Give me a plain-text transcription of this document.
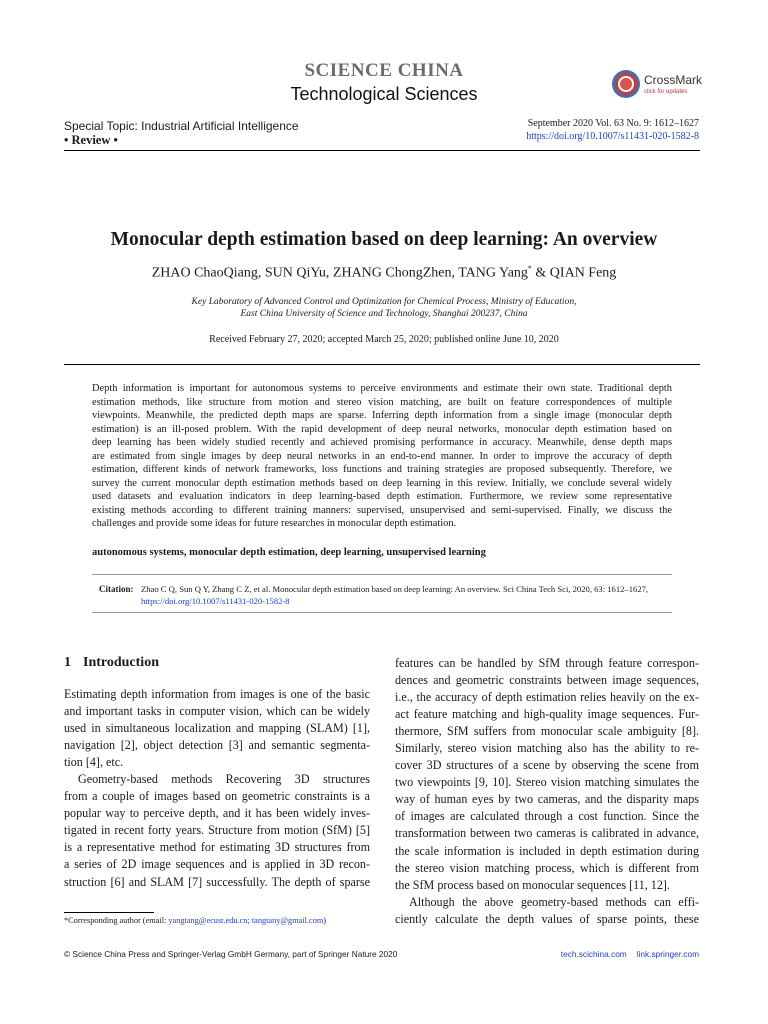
SCIENCE CHINA
Technological Sciences
CrossMark
click for updates
Special Topic: Industrial Artificial Intelligence
• Review •
September 2020 Vol. 63 No. 9: 1612–1627
https://doi.org/10.1007/s11431-020-1582-8
Monocular depth estimation based on deep learning: An overview
ZHAO ChaoQiang, SUN QiYu, ZHANG ChongZhen, TANG Yang* & QIAN Feng
Key Laboratory of Advanced Control and Optimization for Chemical Process, Ministry of Education,
East China University of Science and Technology, Shanghai 200237, China
Received February 27, 2020; accepted March 25, 2020; published online June 10, 2020
Depth information is important for autonomous systems to perceive environments and estimate their own state. Traditional depth
estimation methods, like structure from motion and stereo vision matching, are built on feature correspondences of multiple
viewpoints. Meanwhile, the predicted depth maps are sparse. Inferring depth information from a single image (monocular depth
estimation) is an ill-posed problem. With the rapid development of deep neural networks, monocular depth estimation based on
deep learning has been widely studied recently and achieved promising performance in accuracy. Meanwhile, dense depth maps
are estimated from single images by deep neural networks in an end-to-end manner. In order to improve the accuracy of depth
estimation, different kinds of network frameworks, loss functions and training strategies are proposed subsequently. Therefore, we
survey the current monocular depth estimation methods based on deep learning in this review. Initially, we conclude several widely
used datasets and evaluation indicators in deep learning-based depth estimation. Furthermore, we review some representative
existing methods according to different training manners: supervised, unsupervised and semi-supervised. Finally, we discuss the
challenges and provide some ideas for future researches in monocular depth estimation.
autonomous systems, monocular depth estimation, deep learning, unsupervised learning
Citation: Zhao C Q, Sun Q Y, Zhang C Z, et al. Monocular depth estimation based on deep learning: An overview. Sci China Tech Sci, 2020, 63: 1612–1627,
https://doi.org/10.1007/s11431-020-1582-8
1 Introduction
Estimating depth information from images is one of the basic
and important tasks in computer vision, which can be widely
used in simultaneous localization and mapping (SLAM) [1],
navigation [2], object detection [3] and semantic segmenta-
tion [4], etc.
Geometry-based methods Recovering 3D structures
from a couple of images based on geometric constraints is a
popular way to perceive depth, and it has been widely inves-
tigated in recent forty years. Structure from motion (SfM) [5]
is a representative method for estimating 3D structures from
a series of 2D image sequences and is applied in 3D recon-
struction [6] and SLAM [7] successfully. The depth of sparse
features can be handled by SfM through feature correspon-
dences and geometric constraints between image sequences,
i.e., the accuracy of depth estimation relies heavily on the ex-
act feature matching and high-quality image sequences. Fur-
thermore, SfM suffers from monocular scale ambiguity [8].
Similarly, stereo vision matching also has the ability to re-
cover 3D structures of a scene by observing the scene from
two viewpoints [9, 10]. Stereo vision matching simulates the
way of human eyes by two cameras, and the disparity maps
of images are calculated through a cost function. Since the
transformation between two cameras is calibrated in advance,
the scale information is included in depth estimation during
the stereo vision matching process, which is different from
the SfM process based on monocular sequences [11, 12].
Although the above geometry-based methods can effi-
ciently calculate the depth values of sparse points, these
*Corresponding author (email: yangtang@ecust.edu.cn; tangtany@gmail.com)
© Science China Press and Springer-Verlag GmbH Germany, part of Springer Nature 2020	tech.scichina.com link.springer.com
